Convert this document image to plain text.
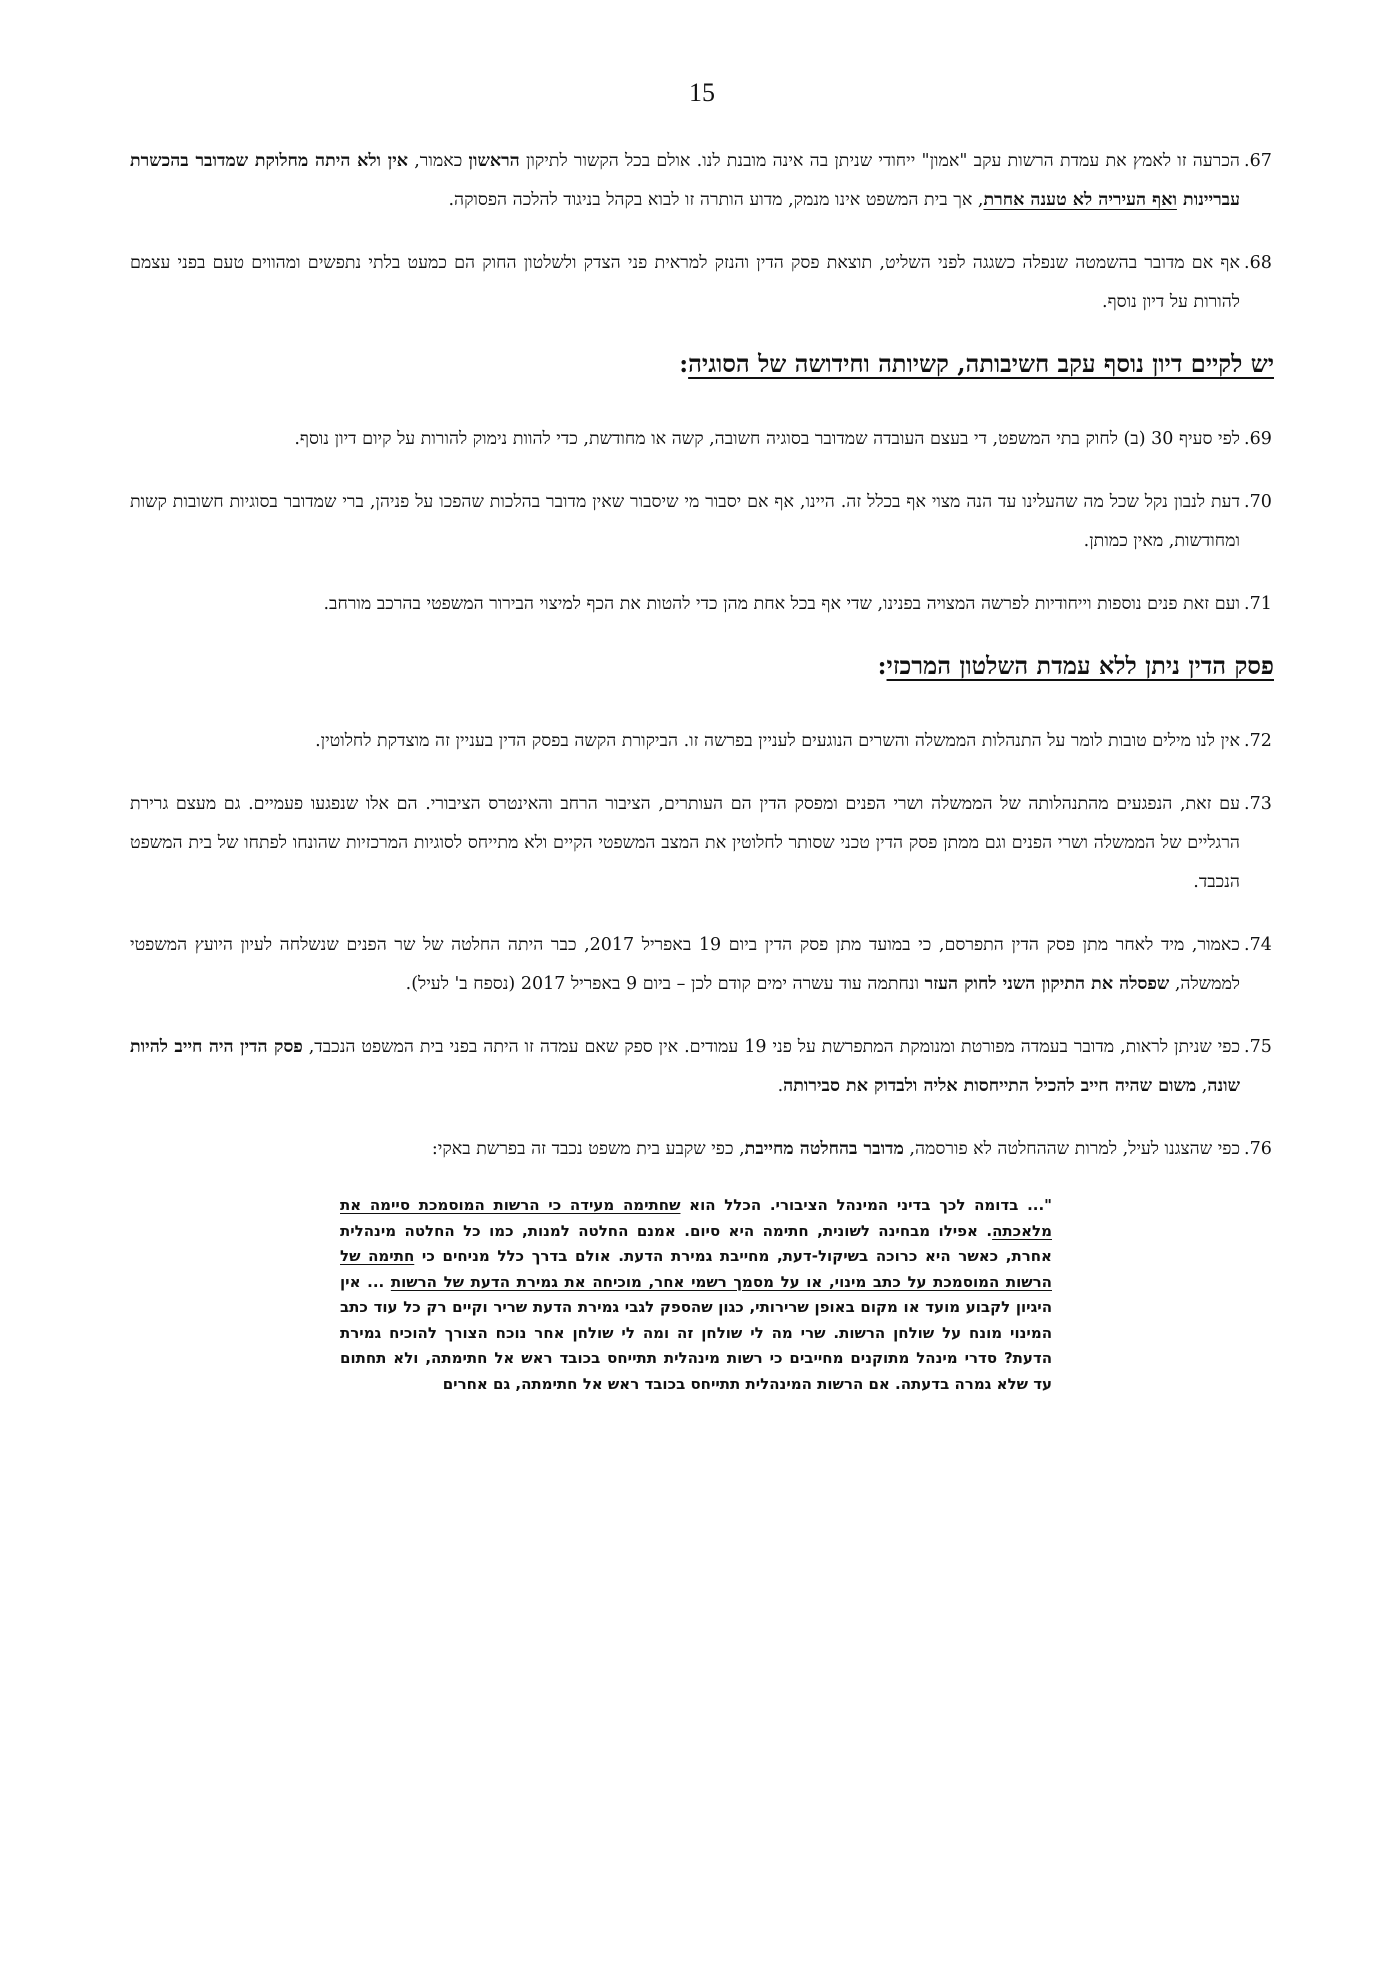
15
.67
הכרעה זו לאמץ את עמדת הרשות עקב "אמון" ייחודי שניתן בה אינה מובנת לנו. אולם בכל הקשור לתיקון הראשון כאמור, אין ולא היתה מחלוקת שמדובר בהכשרת עבריינות ואף העיריה לא טענה אחרת, אך בית המשפט אינו מנמק, מדוע הותרה זו לבוא בקהל בניגוד להלכה הפסוקה.
.68
אף אם מדובר בהשמטה שנפלה כשגגה לפני השליט, תוצאת פסק הדין והנזק למראית פני הצדק ולשלטון החוק הם כמעט בלתי נתפשים ומהווים טעם בפני עצמם להורות על דיון נוסף.
יש לקיים דיון נוסף עקב חשיבותה, קשיותה וחידושה של הסוגיה:
.69
לפי סעיף 30 (ב) לחוק בתי המשפט, די בעצם העובדה שמדובר בסוגיה חשובה, קשה או מחודשת, כדי להוות נימוק להורות על קיום דיון נוסף.
.70
דעת לנבון נקל שכל מה שהעלינו עד הנה מצוי אף בכלל זה. היינו, אף אם יסבור מי שיסבור שאין מדובר בהלכות שהפכו על פניהן, ברי שמדובר בסוגיות חשובות קשות ומחודשות, מאין כמותן.
.71
ועם זאת פנים נוספות וייחודיות לפרשה המצויה בפנינו, שדי אף בכל אחת מהן כדי להטות את הכף למיצוי הבירור המשפטי בהרכב מורחב.
פסק הדין ניתן ללא עמדת השלטון המרכזי:
.72
אין לנו מילים טובות לומר על התנהלות הממשלה והשרים הנוגעים לעניין בפרשה זו. הביקורת הקשה בפסק הדין בעניין זה מוצדקת לחלוטין.
.73
עם זאת, הנפגעים מהתנהלותה של הממשלה ושרי הפנים ומפסק הדין הם העותרים, הציבור הרחב והאינטרס הציבורי. הם אלו שנפגעו פעמיים. גם מעצם גרירת הרגליים של הממשלה ושרי הפנים וגם ממתן פסק הדין טכני שסותר לחלוטין את המצב המשפטי הקיים ולא מתייחס לסוגיות המרכזיות שהונחו לפתחו של בית המשפט הנכבד.
.74
כאמור, מיד לאחר מתן פסק הדין התפרסם, כי במועד מתן פסק הדין ביום 19 באפריל 2017, כבר היתה החלטה של שר הפנים שנשלחה לעיון היועץ המשפטי לממשלה, שפסלה את התיקון השני לחוק העזר ונחתמה עוד עשרה ימים קודם לכן – ביום 9 באפריל 2017 (נספח ב' לעיל).
.75
כפי שניתן לראות, מדובר בעמדה מפורטת ומנומקת המתפרשת על פני 19 עמודים. אין ספק שאם עמדה זו היתה בפני בית המשפט הנכבד, פסק הדין היה חייב להיות שונה, משום שהיה חייב להכיל התייחסות אליה ולבדוק את סבירותה.
.76
כפי שהצגנו לעיל, למרות שההחלטה לא פורסמה, מדובר בהחלטה מחייבת, כפי שקבע בית משפט נכבד זה בפרשת באקי:
"... בדומה לכך בדיני המינהל הציבורי. הכלל הוא שחתימה מעידה כי הרשות המוסמכת סיימה את מלאכתה. אפילו מבחינה לשונית, חתימה היא סיום. אמנם החלטה למנות, כמו כל החלטה מינהלית אחרת, כאשר היא כרוכה בשיקול-דעת, מחייבת גמירת הדעת. אולם בדרך כלל מניחים כי חתימה של הרשות המוסמכת על כתב מינוי, או על מסמך רשמי אחר, מוכיחה את גמירת הדעת של הרשות ... אין היגיון לקבוע מועד או מקום באופן שרירותי, כגון שהספק לגבי גמירת הדעת שריר וקיים רק כל עוד כתב המינוי מונח על שולחן הרשות. שרי מה לי שולחן זה ומה לי שולחן אחר נוכח הצורך להוכיח גמירת הדעת? סדרי מינהל מתוקנים מחייבים כי רשות מינהלית תתייחס בכובד ראש אל חתימתה, ולא תחתום עד שלא גמרה בדעתה. אם הרשות המינהלית תתייחס בכובד ראש אל חתימתה, גם אחרים
